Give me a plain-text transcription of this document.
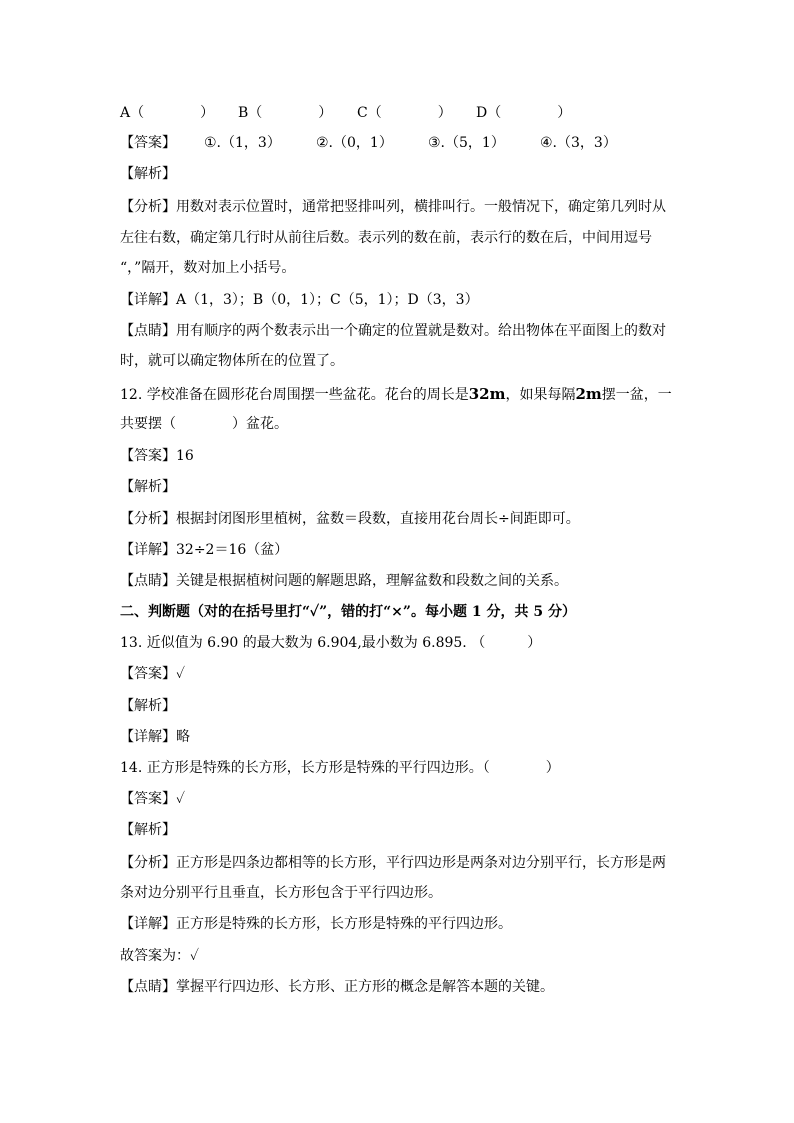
A（　　　　）

B（　　　　）

C（　　　　）

D（　　　　）

【答案】

①.（1，3）

	②.（0，1）

	③.（5，1）

	④.（3，3）

【解析】
【分析】用数对表示位置时，通常把竖排叫列，横排叫行。一般情况下，确定第几列时从
左往右数，确定第几行时从前往后数。表示列的数在前，表示行的数在后，中间用逗号
“，”隔开，数对加上小括号。
【详解】A（1，3）；B（0，1）；C（5，1）；D（3，3）
【点睛】用有顺序的两个数表示出一个确定的位置就是数对。给出物体在平面图上的数对
时，就可以确定物体所在的位置了。
12. 学校准备在圆形花台周围摆一些盆花。花台的周长是32m，如果每隔2m摆一盆，一
共要摆（　　　　）盆花。
【答案】16
【解析】
【分析】根据封闭图形里植树，盆数＝段数，直接用花台周长÷间距即可。
【详解】32÷2＝16（盆）
【点睛】关键是根据植树问题的解题思路，理解盆数和段数之间的关系。
二、判断题（对的在括号里打“✓”，错的打“×”。每小题 1 分，共 5 分）
13. 近似值为 6.90 的最大数为 6.904,最小数为 6.895. （　　　）
【答案】✓
【解析】
【详解】略
14. 正方形是特殊的长方形，长方形是特殊的平行四边形。（　　　　）
【答案】✓
【解析】
【分析】正方形是四条边都相等的长方形，平行四边形是两条对边分别平行，长方形是两
条对边分别平行且垂直，长方形包含于平行四边形。
【详解】正方形是特殊的长方形，长方形是特殊的平行四边形。
故答案为：✓
【点睛】掌握平行四边形、长方形、正方形的概念是解答本题的关键。
